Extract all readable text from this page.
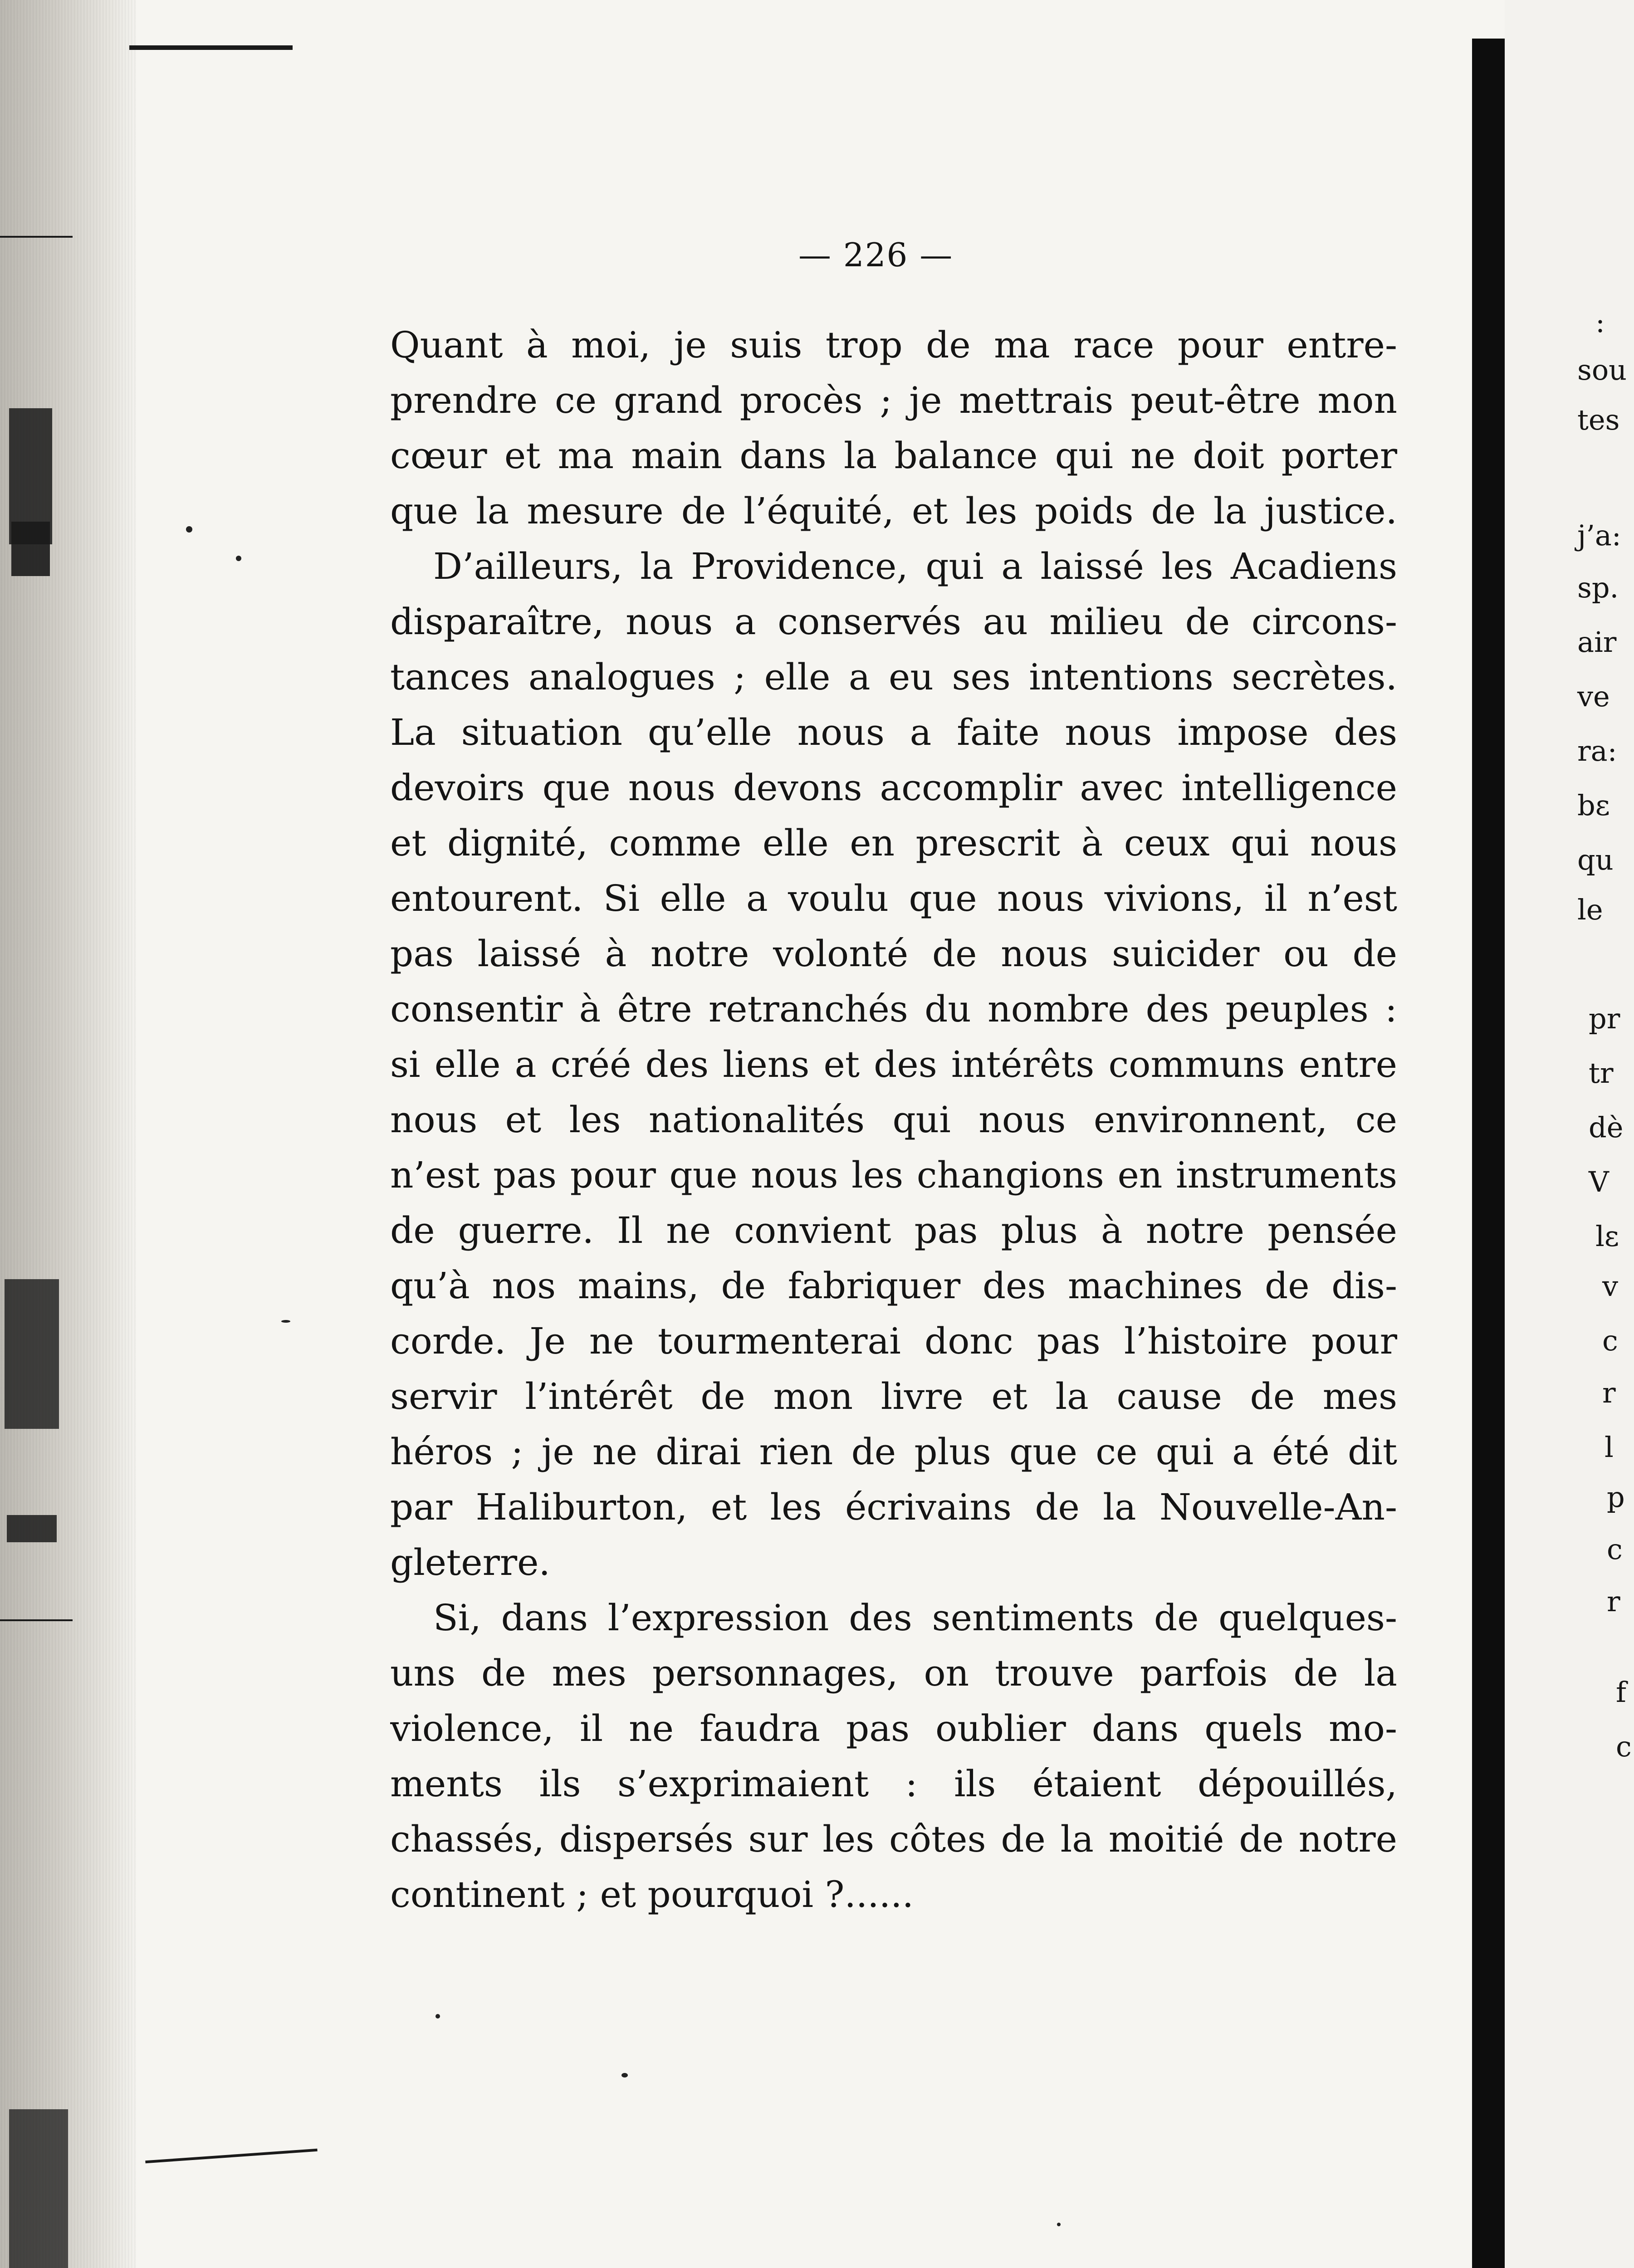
:
sou
tes
j’a:
sp.
air
ve
ra:
bε
qu
le
pr
tr
dè
V
lε
v
c
r
l
p
c
r
f
c
— 226 —
Quant à moi, je suis trop de ma race pour entre-
prendre ce grand procès ; je mettrais peut-être mon
cœur et ma main dans la balance qui ne doit porter
que la mesure de l’équité, et les poids de la justice.
D’ailleurs, la Providence, qui a laissé les Acadiens
disparaître, nous a conservés au milieu de circons-
tances analogues ; elle a eu ses intentions secrètes.
La situation qu’elle nous a faite nous impose des
devoirs que nous devons accomplir avec intelligence
et dignité, comme elle en prescrit à ceux qui nous
entourent. Si elle a voulu que nous vivions, il n’est
pas laissé à notre volonté de nous suicider ou de
consentir à être retranchés du nombre des peuples :
si elle a créé des liens et des intérêts communs entre
nous et les nationalités qui nous environnent, ce
n’est pas pour que nous les changions en instruments
de guerre. Il ne convient pas plus à notre pensée
qu’à nos mains, de fabriquer des machines de dis-
corde. Je ne tourmenterai donc pas l’histoire pour
servir l’intérêt de mon livre et la cause de mes
héros ; je ne dirai rien de plus que ce qui a été dit
par Haliburton, et les écrivains de la Nouvelle-An-
gleterre.
Si, dans l’expression des sentiments de quelques-
uns de mes personnages, on trouve parfois de la
violence, il ne faudra pas oublier dans quels mo-
ments ils s’exprimaient : ils étaient dépouillés,
chassés, dispersés sur les côtes de la moitié de notre
continent ; et pourquoi ?......
